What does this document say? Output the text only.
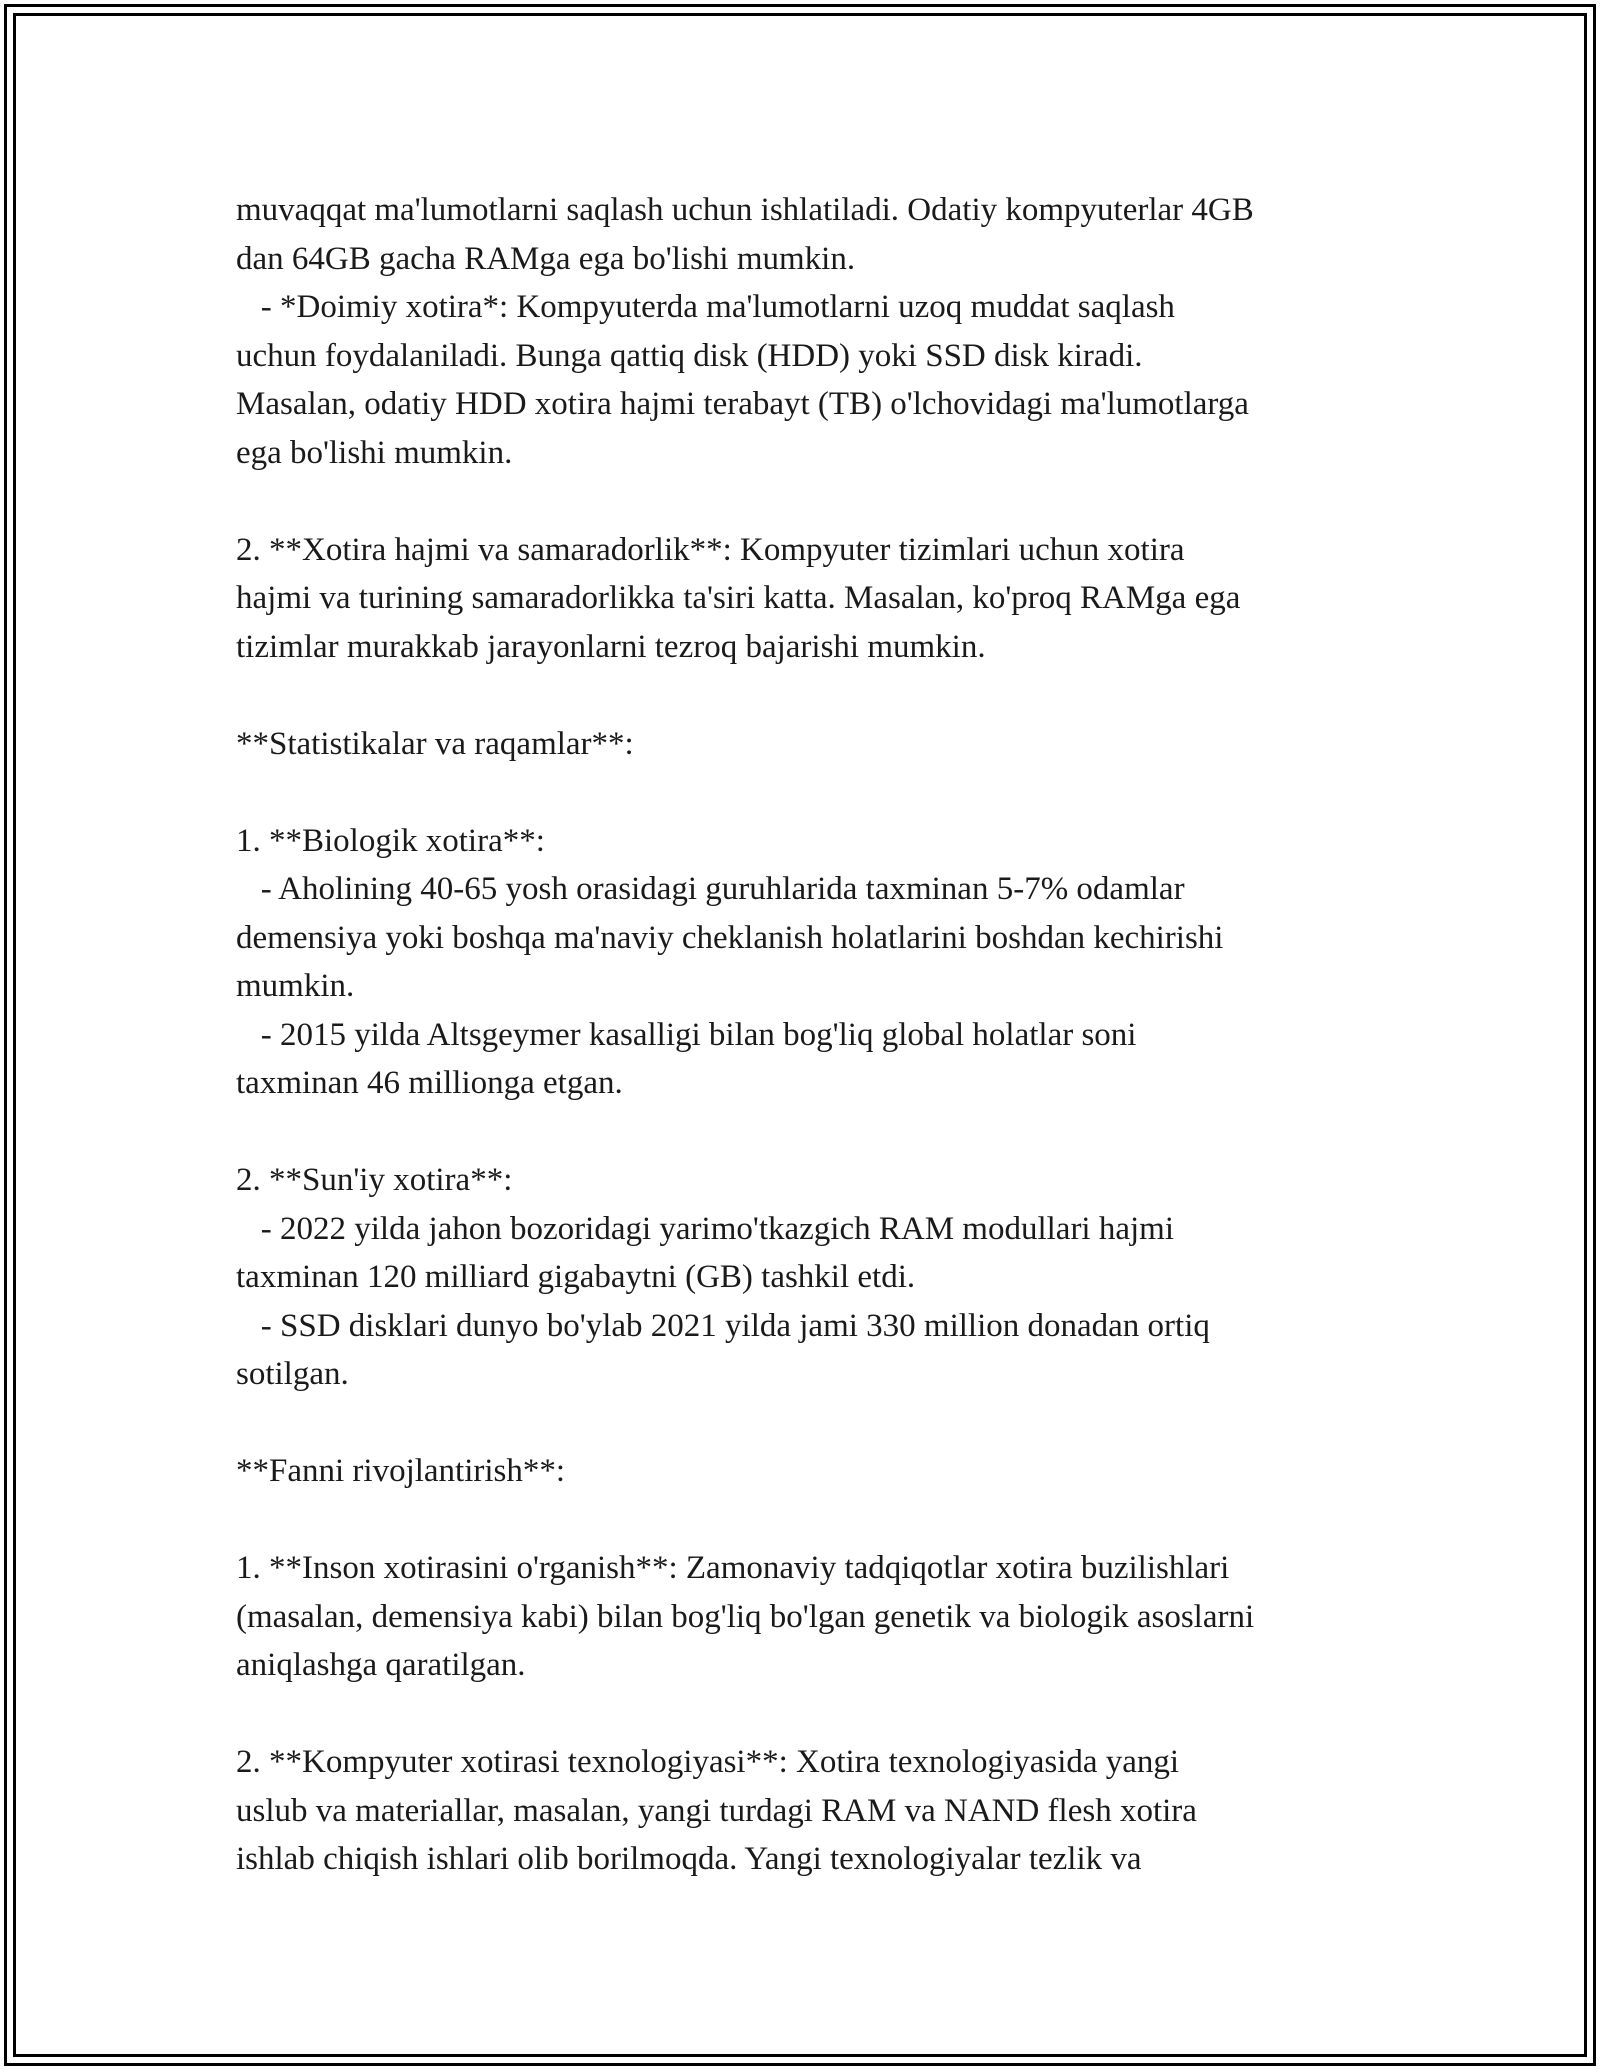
muvaqqat ma'lumotlarni saqlash uchun ishlatiladi. Odatiy kompyuterlar 4GB
dan 64GB gacha RAMga ega bo'lishi mumkin.
- *Doimiy xotira*: Kompyuterda ma'lumotlarni uzoq muddat saqlash
uchun foydalaniladi. Bunga qattiq disk (HDD) yoki SSD disk kiradi.
Masalan, odatiy HDD xotira hajmi terabayt (TB) o'lchovidagi ma'lumotlarga
ega bo'lishi mumkin.
2. **Xotira hajmi va samaradorlik**: Kompyuter tizimlari uchun xotira
hajmi va turining samaradorlikka ta'siri katta. Masalan, ko'proq RAMga ega
tizimlar murakkab jarayonlarni tezroq bajarishi mumkin.
**Statistikalar va raqamlar**:
1. **Biologik xotira**:
- Aholining 40-65 yosh orasidagi guruhlarida taxminan 5-7% odamlar
demensiya yoki boshqa ma'naviy cheklanish holatlarini boshdan kechirishi
mumkin.
- 2015 yilda Altsgeymer kasalligi bilan bog'liq global holatlar soni
taxminan 46 millionga etgan.
2. **Sun'iy xotira**:
- 2022 yilda jahon bozoridagi yarimo'tkazgich RAM modullari hajmi
taxminan 120 milliard gigabaytni (GB) tashkil etdi.
- SSD disklari dunyo bo'ylab 2021 yilda jami 330 million donadan ortiq
sotilgan.
**Fanni rivojlantirish**:
1. **Inson xotirasini o'rganish**: Zamonaviy tadqiqotlar xotira buzilishlari
(masalan, demensiya kabi) bilan bog'liq bo'lgan genetik va biologik asoslarni
aniqlashga qaratilgan.
2. **Kompyuter xotirasi texnologiyasi**: Xotira texnologiyasida yangi
uslub va materiallar, masalan, yangi turdagi RAM va NAND flesh xotira
ishlab chiqish ishlari olib borilmoqda. Yangi texnologiyalar tezlik va
